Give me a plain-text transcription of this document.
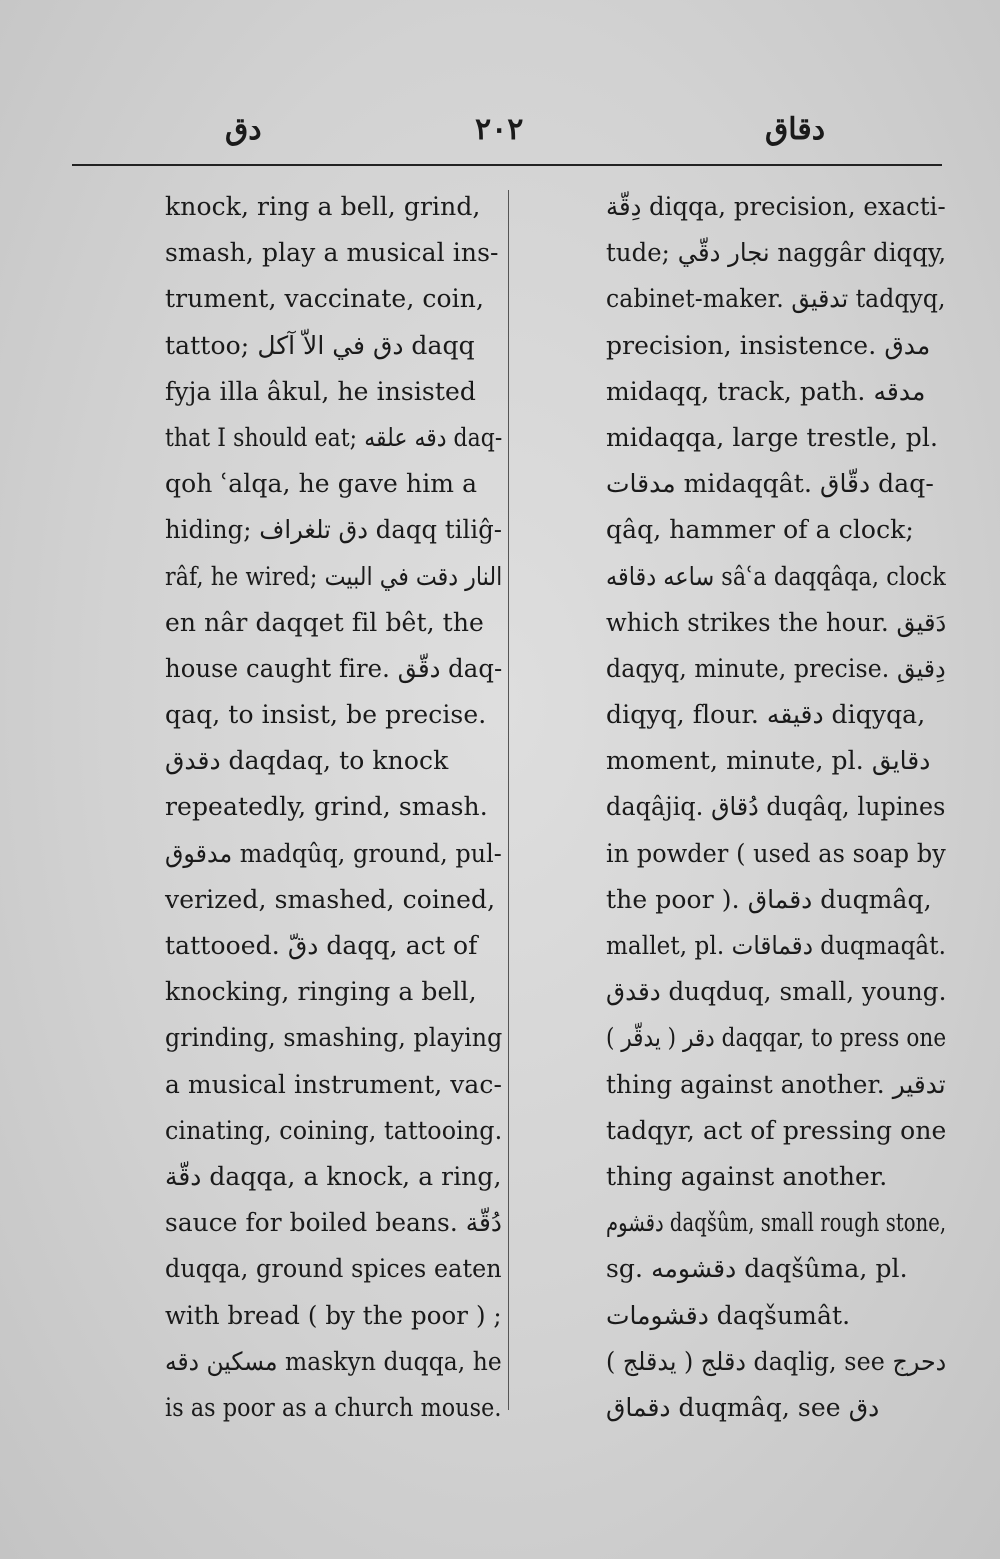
دق	۲۰۲	دقاق
knock, ring a bell, grind,
smash, play a musical ins-
trument, vaccinate, coin,
tattoo; دق في الاّ آكل daqq
fyja illa âkul, he insisted
that I should eat; دقه علقه daq-
qoh ʿalqa, he gave him a
hiding; دق تلغراف daqq tiliĝ-
râf, he wired; النار دقت في البيت
en nâr daqqet fil bêt, the
house caught fire. دقّق daq-
qaq, to insist, be precise.
دقدق daqdaq, to knock
repeatedly, grind, smash.
مدقوق madqûq, ground, pul-
verized, smashed, coined,
tattooed. دقّ daqq, act of
knocking, ringing a bell,
grinding, smashing, playing
a musical instrument, vac-
cinating, coining, tattooing.
دقّة daqqa, a knock, a ring,
sauce for boiled beans. دُقّة
duqqa, ground spices eaten
with bread ( by the poor ) ;
مسكين دقه maskyn duqqa, he
is as poor as a church mouse.
دِقّة diqqa, precision, exacti-
tude; نجار دقّي naggâr diqqy,
cabinet-maker. تدقيق tadqyq,
precision, insistence. مدق
midaqq, track, path. مدقه
midaqqa, large trestle, pl.
مدقات midaqqât. دقّاق daq-
qâq, hammer of a clock;
ساعه دقاقه sâʿa daqqâqa, clock
which strikes the hour. دَقيق
daqyq, minute, precise. دِقيق
diqyq, flour. دقيقه diqyqa,
moment, minute, pl. دقايق
daqâjiq. دُقاق duqâq, lupines
in powder ( used as soap by
the poor ). دقماق duqmâq,
mallet, pl. دقماقات duqmaqât.
دقدق duqduq, small, young.
دقر ( يدقّر ) daqqar, to press one
thing against another. تدقير
tadqyr, act of pressing one
thing against another.
دقشوم daqšûm, small rough stone,
sg. دقشومه daqšûma, pl.
دقشومات daqšumât.
دقلج ( يدقلج ) daqlig, see دحرج
دقماق duqmâq, see دق
